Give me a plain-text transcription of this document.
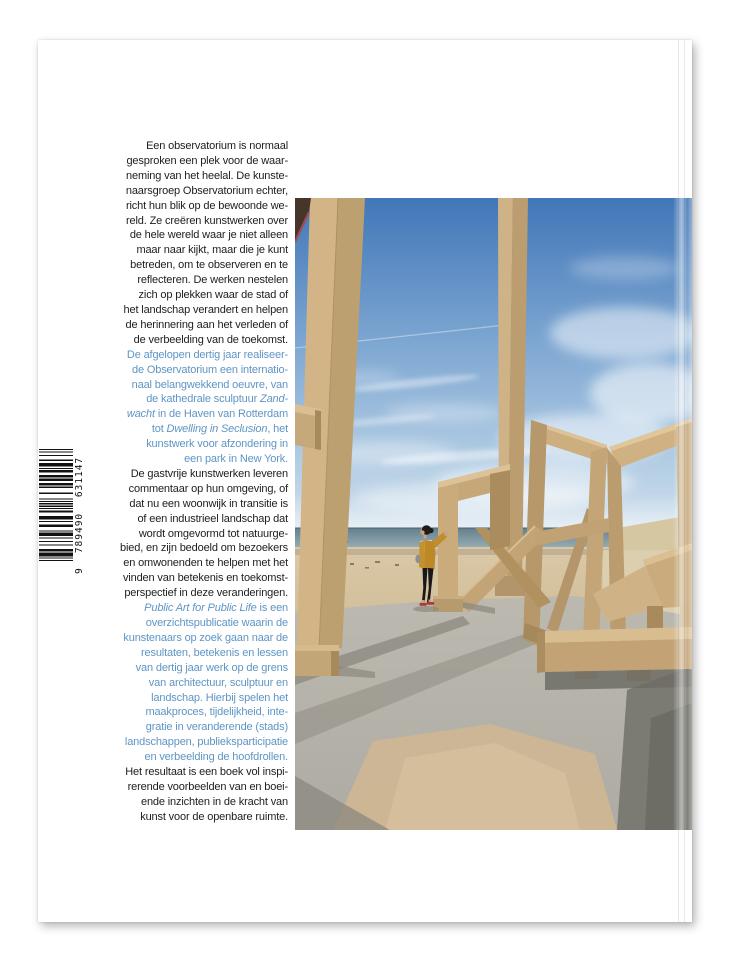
Een observatorium is normaal
gesproken een plek voor de waar-
neming van het heelal. De kunste-
naarsgroep Observatorium echter,
richt hun blik op de bewoonde we-
reld. Ze creëren kunstwerken over
de hele wereld waar je niet alleen
maar naar kijkt, maar die je kunt
betreden, om te observeren en te
reflecteren. De werken nestelen
zich op plekken waar de stad of
het landschap verandert en helpen
de herinnering aan het verleden of
de verbeelding van de toekomst.
De afgelopen dertig jaar realiseer-
de Observatorium een internatio-
naal belangwekkend oeuvre, van
de kathedrale sculptuur Zand-
wacht in de Haven van Rotterdam
tot Dwelling in Seclusion, het
kunstwerk voor afzondering in
een park in New York.
De gastvrije kunstwerken leveren
commentaar op hun omgeving, of
dat nu een woonwijk in transitie is
of een industrieel landschap dat
wordt omgevormd tot natuurge-
bied, en zijn bedoeld om bezoekers
en omwonenden te helpen met het
vinden van betekenis en toekomst-
perspectief in deze veranderingen.
Public Art for Public Life is een
overzichtspublicatie waarin de
kunstenaars op zoek gaan naar de
resultaten, betekenis en lessen
van dertig jaar werk op de grens
van architectuur, sculptuur en
landschap. Hierbij spelen het
maakproces, tijdelijkheid, inte-
gratie in veranderende (stads)
landschappen, publieksparticipatie
en verbeelding de hoofdrollen.
Het resultaat is een boek vol inspi-
rerende voorbeelden van en boei-
ende inzichten in de kracht van
kunst voor de openbare ruimte.
9
789490
631147
